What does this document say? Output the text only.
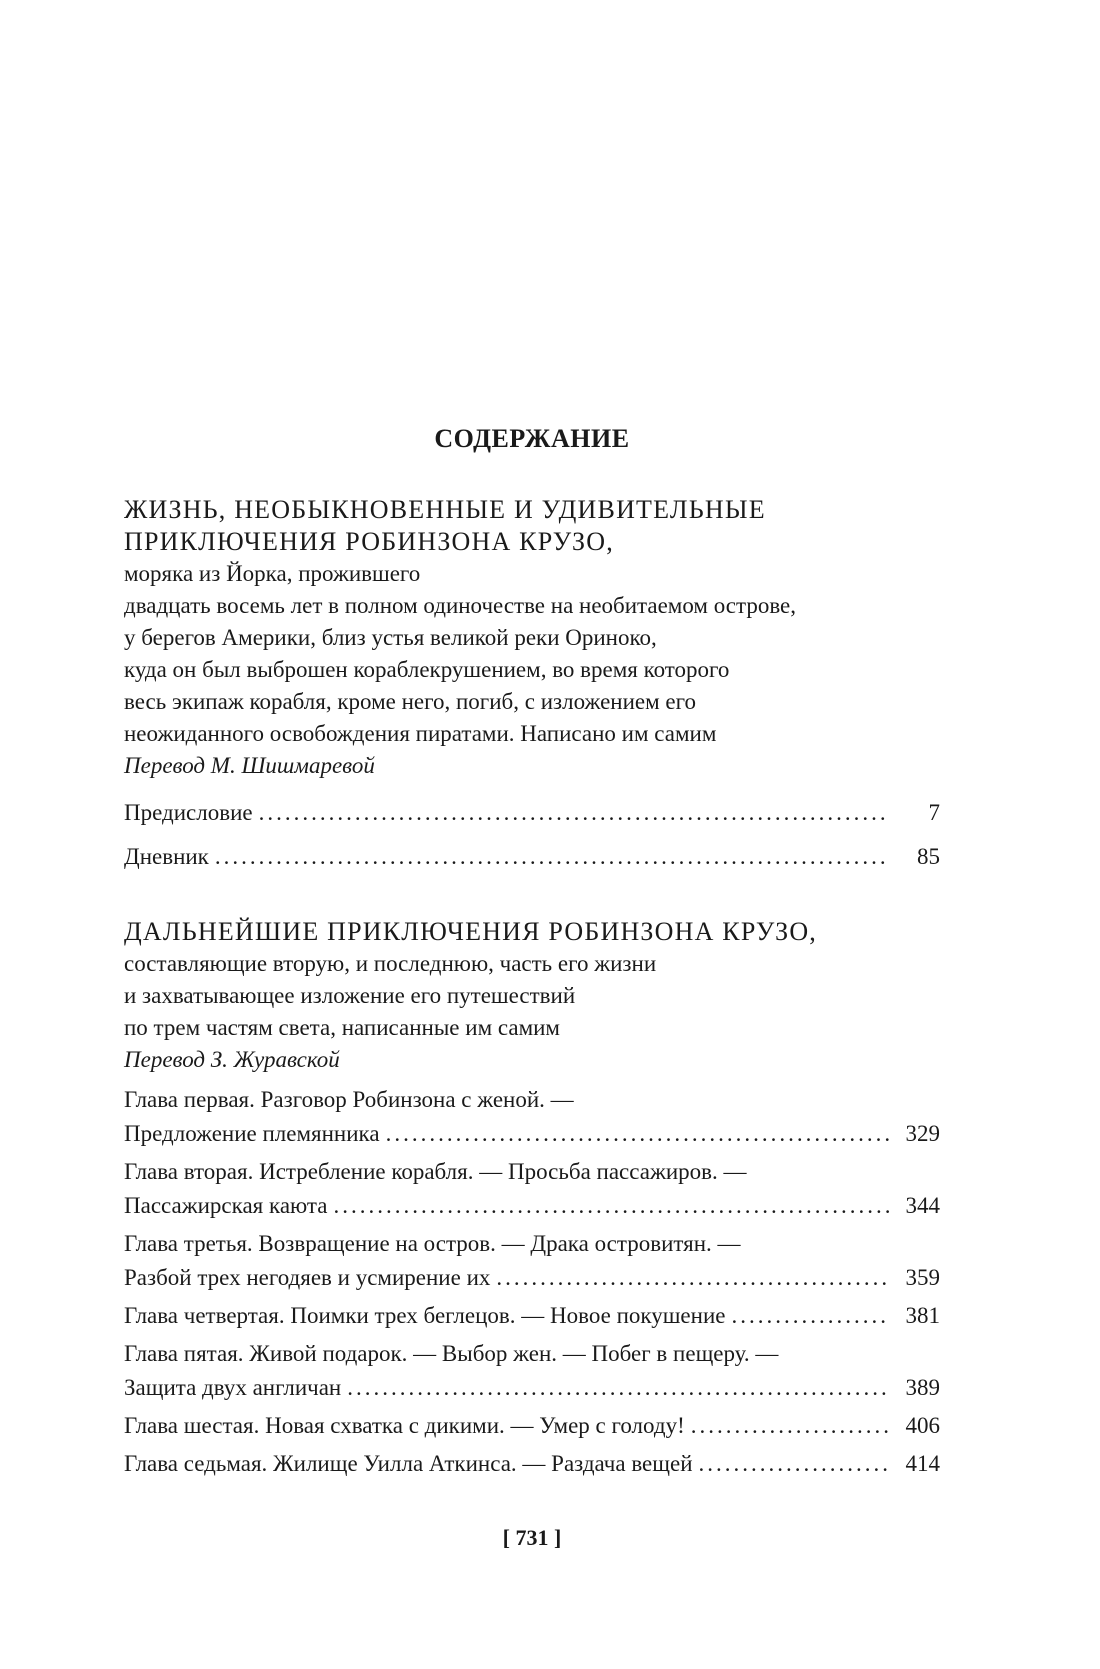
СОДЕРЖАНИЕ

ЖИЗНЬ, НЕОБЫКНОВЕННЫЕ И УДИВИТЕЛЬНЫЕ

ПРИКЛЮЧЕНИЯ РОБИНЗОНА КРУЗО,

моряка из Йорка, прожившего

двадцать восемь лет в полном одиночестве на необитаемом острове,

у берегов Америки, близ устья великой реки Ориноко,

куда он был выброшен кораблекрушением, во время которого

весь экипаж корабля, кроме него, погиб, с изложением его

неожиданного освобождения пиратами. Написано им самим

Перевод М. Шишмаревой

Предисловие .....	7
Дневник .....	85

ДАЛЬНЕЙШИЕ ПРИКЛЮЧЕНИЯ РОБИНЗОНА КРУЗО,

составляющие вторую, и последнюю, часть его жизни

и захватывающее изложение его путешествий

по трем частям света, написанные им самим

Перевод З. Журавской

Глава первая. Разговор Робинзона с женой. —
Предложение племянника .....	329
Глава вторая. Истребление корабля. — Просьба пассажиров. —
Пассажирская каюта .....	344
Глава третья. Возвращение на остров. — Драка островитян. —
Разбой трех негодяев и усмирение их .....	359
Глава четвертая. Поимки трех беглецов. — Новое покушение .....	381
Глава пятая. Живой подарок. — Выбор жен. — Побег в пещеру. —
Защита двух англичан .....	389
Глава шестая. Новая схватка с дикими. — Умер с голоду! .....	406
Глава седьмая. Жилище Уилла Аткинса. — Раздача вещей .....	414
[ 731 ]
